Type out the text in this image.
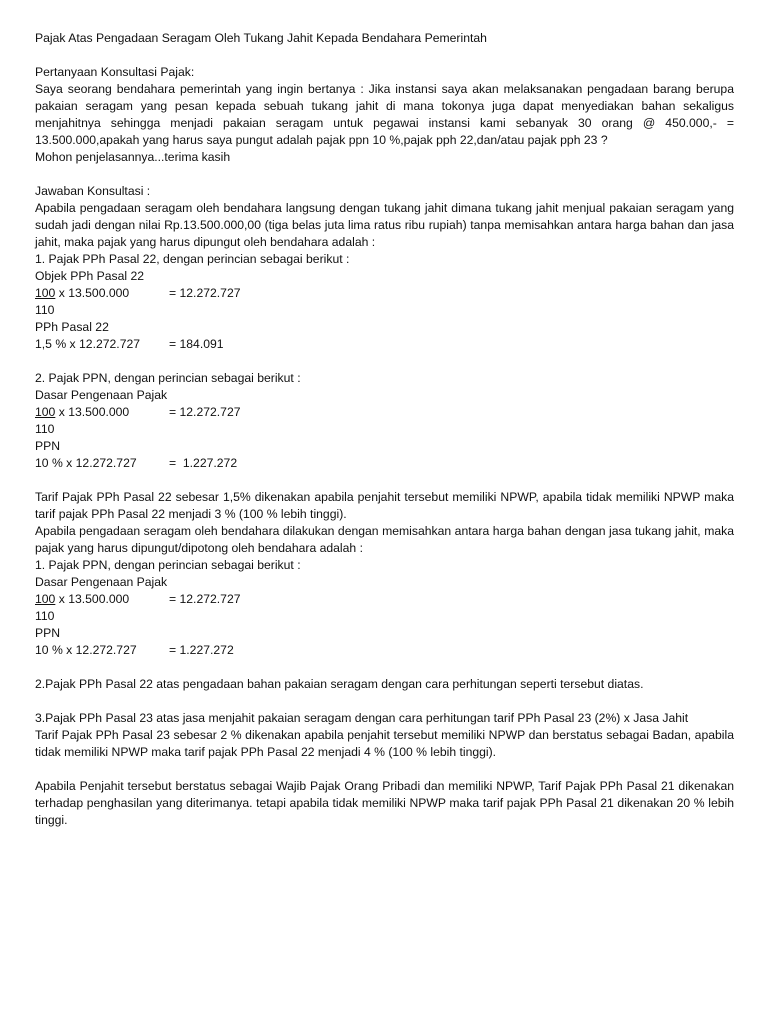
Pajak Atas Pengadaan Seragam Oleh Tukang Jahit Kepada Bendahara Pemerintah

Pertanyaan Konsultasi Pajak:

Saya seorang bendahara pemerintah yang ingin bertanya : Jika instansi saya akan melaksanakan pengadaan barang berupa pakaian seragam yang pesan kepada sebuah tukang jahit di mana tokonya juga dapat menyediakan bahan sekaligus menjahitnya sehingga menjadi pakaian seragam untuk pegawai instansi kami sebanyak 30 orang @ 450.000,- = 13.500.000,apakah yang harus saya pungut adalah pajak ppn 10 %,pajak pph 22,dan/atau pajak pph 23 ?

Mohon penjelasannya...terima kasih

Jawaban Konsultasi :

Apabila pengadaan seragam oleh bendahara langsung dengan tukang jahit dimana tukang jahit menjual pakaian seragam yang sudah jadi dengan nilai Rp.13.500.000,00 (tiga belas juta lima ratus ribu rupiah) tanpa memisahkan antara harga bahan dan jasa jahit, maka pajak yang harus dipungut oleh bendahara adalah :

1. Pajak PPh Pasal 22, dengan perincian sebagai berikut :

Objek PPh Pasal 22

100 x 13.500.000	= 12.272.727

110

PPh Pasal 22

1,5 % x 12.272.727	= 184.091

2. Pajak PPN, dengan perincian sebagai berikut :

Dasar Pengenaan Pajak

100 x 13.500.000	= 12.272.727

110

PPN

10 % x 12.272.727	=  1.227.272

Tarif Pajak PPh Pasal 22 sebesar 1,5% dikenakan apabila penjahit tersebut memiliki NPWP, apabila tidak memiliki NPWP maka tarif pajak PPh Pasal 22 menjadi 3 % (100 % lebih tinggi).

Apabila pengadaan seragam oleh bendahara dilakukan dengan memisahkan antara harga bahan dengan jasa tukang jahit, maka pajak yang harus dipungut/dipotong oleh bendahara adalah :

1. Pajak PPN, dengan perincian sebagai berikut :

Dasar Pengenaan Pajak

100 x 13.500.000	= 12.272.727

110

PPN

10 % x 12.272.727	= 1.227.272

2.Pajak PPh Pasal 22 atas pengadaan bahan pakaian seragam dengan cara perhitungan seperti tersebut diatas.

3.Pajak PPh Pasal 23 atas jasa menjahit pakaian seragam dengan cara perhitungan tarif PPh Pasal 23 (2%) x Jasa Jahit

Tarif Pajak PPh Pasal 23 sebesar 2 % dikenakan apabila penjahit tersebut memiliki NPWP dan berstatus sebagai Badan, apabila tidak memiliki NPWP maka tarif pajak PPh Pasal 22 menjadi 4 % (100 % lebih tinggi).

Apabila Penjahit tersebut berstatus sebagai Wajib Pajak Orang Pribadi dan memiliki NPWP, Tarif Pajak PPh Pasal 21 dikenakan terhadap penghasilan yang diterimanya. tetapi apabila tidak memiliki NPWP maka tarif pajak PPh Pasal 21 dikenakan 20 % lebih tinggi.
